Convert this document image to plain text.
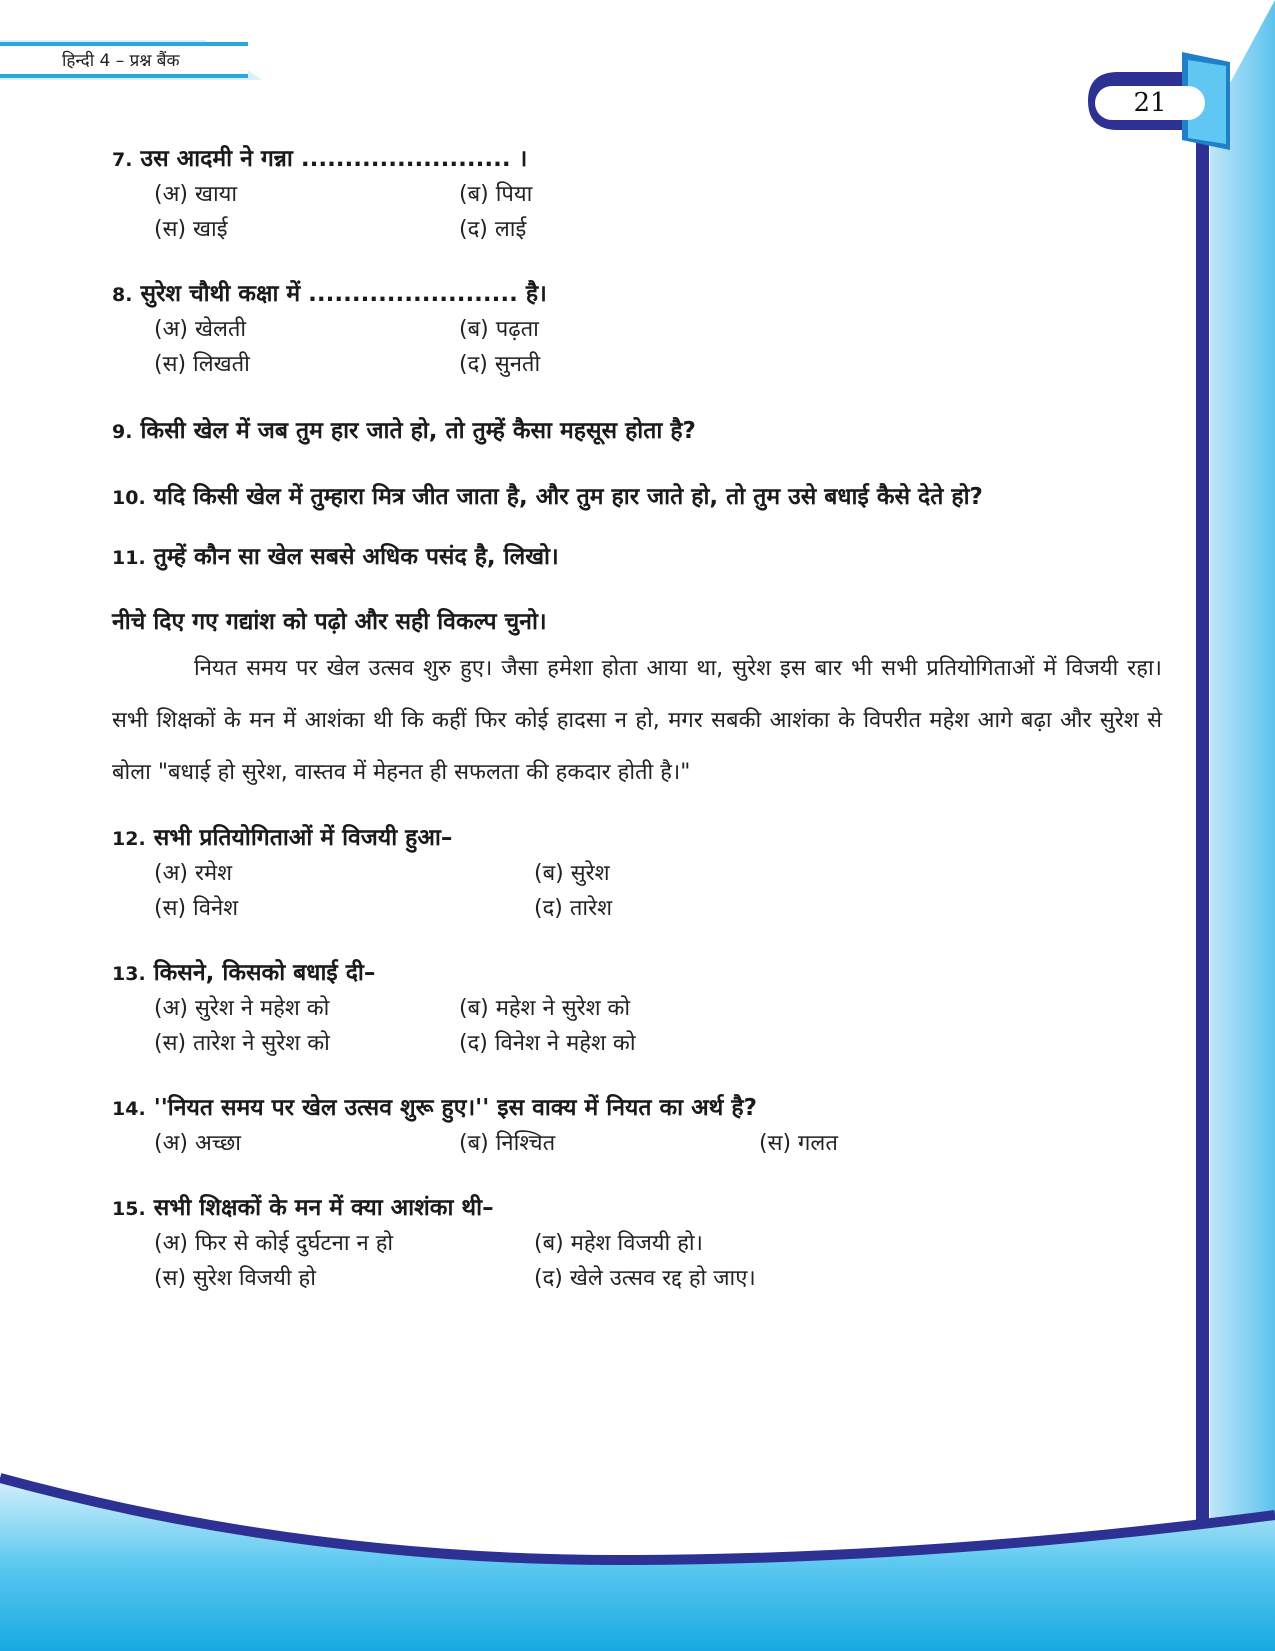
हिन्दी 4 – प्रश्न बैंक
21
7. उस आदमी ने गन्ना ........................ ।
(अ) खाया	(ब) पिया
(स) खाई	(द) लाई
8. सुरेश चौथी कक्षा में ........................ है।
(अ) खेलती	(ब) पढ़ता
(स) लिखती	(द) सुनती
9. किसी खेल में जब तुम हार जाते हो, तो तुम्हें कैसा महसूस होता है?
10. यदि किसी खेल में तुम्हारा मित्र जीत जाता है, और तुम हार जाते हो, तो तुम उसे बधाई कैसे देते हो?
11. तुम्हें कौन सा खेल सबसे अधिक पसंद है, लिखो।
नीचे दिए गए गद्यांश को पढ़ो और सही विकल्प चुनो।
नियत समय पर खेल उत्सव शुरु हुए। जैसा हमेशा होता आया था, सुरेश इस बार भी सभी प्रतियोगिताओं में विजयी रहा। सभी शिक्षकों के मन में आशंका थी कि कहीं फिर कोई हादसा न हो, मगर सबकी आशंका के विपरीत महेश आगे बढ़ा और सुरेश से बोला "बधाई हो सुरेश, वास्तव में मेहनत ही सफलता की हकदार होती है।"
12. सभी प्रतियोगिताओं में विजयी हुआ–
(अ) रमेश	(ब) सुरेश
(स) विनेश	(द) तारेश
13. किसने, किसको बधाई दी–
(अ) सुरेश ने महेश को	(ब) महेश ने सुरेश को
(स) तारेश ने सुरेश को	(द) विनेश ने महेश को
14. ''नियत समय पर खेल उत्सव शुरू हुए।'' इस वाक्य में नियत का अर्थ है?
(अ) अच्छा	(ब) निश्चित	(स) गलत
15. सभी शिक्षकों के मन में क्या आशंका थी–
(अ) फिर से कोई दुर्घटना न हो	(ब) महेश विजयी हो।
(स) सुरेश विजयी हो	(द) खेले उत्सव रद्द हो जाए।
